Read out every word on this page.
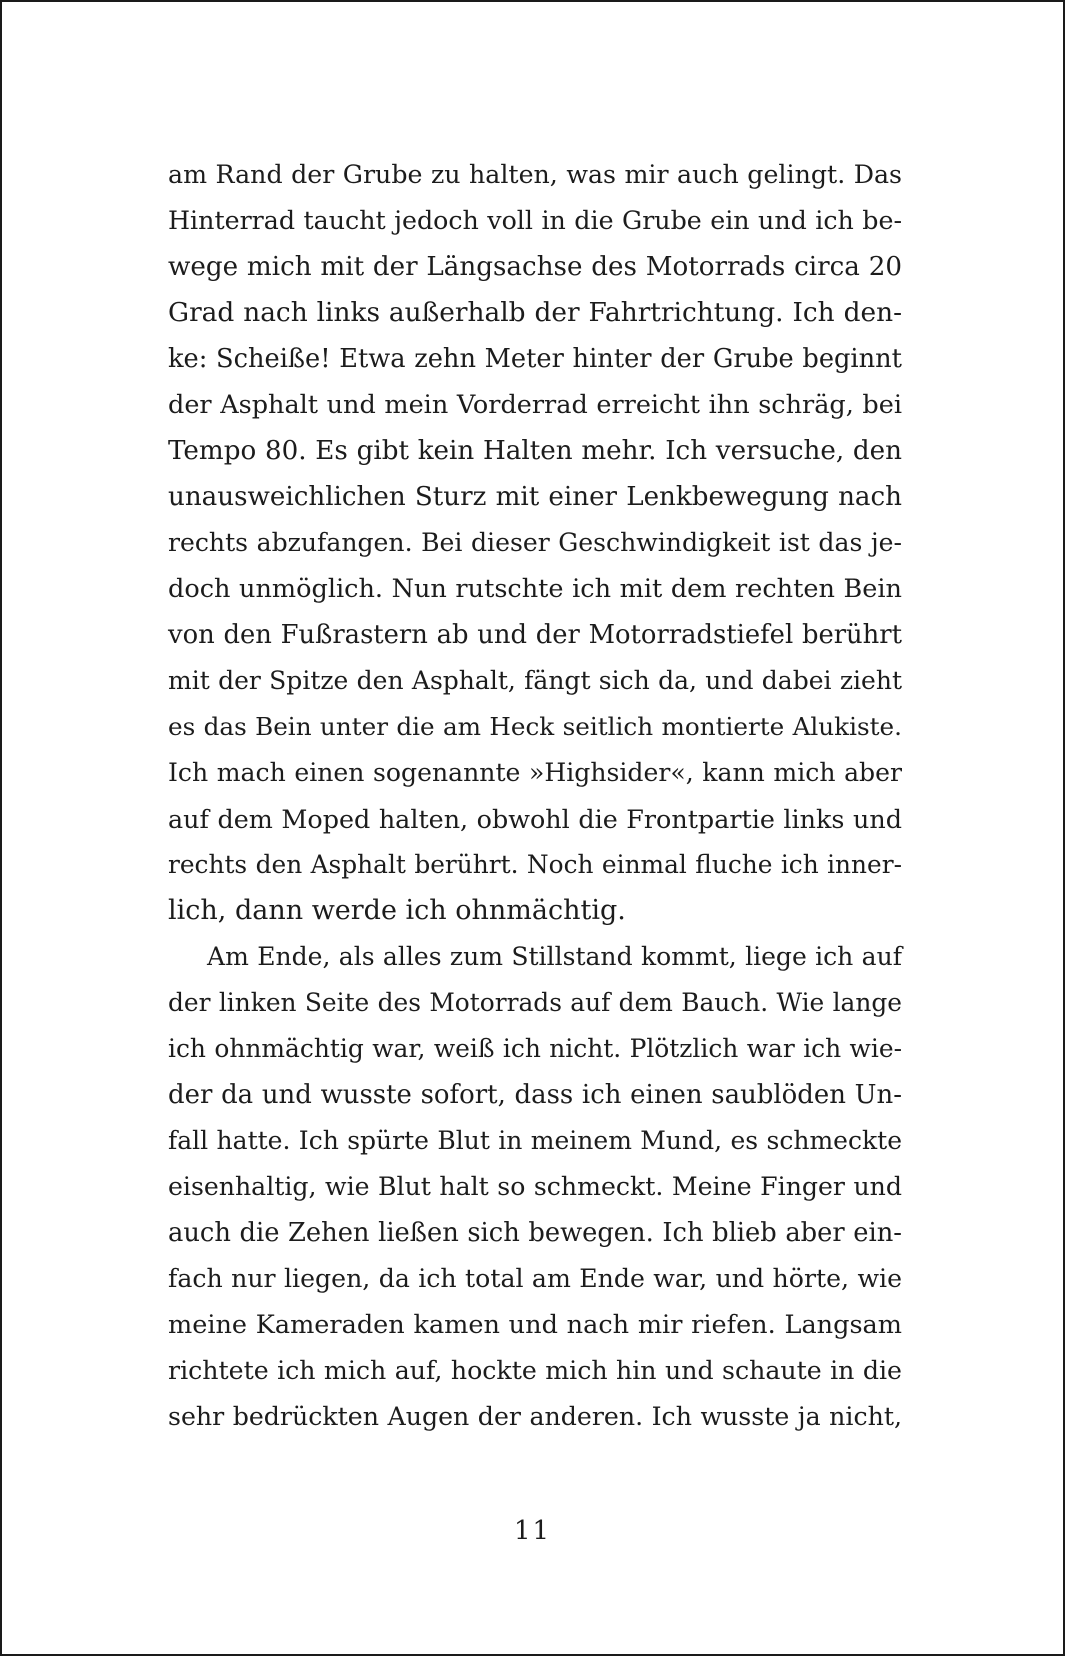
am Rand der Grube zu halten, was mir auch gelingt. Das
Hinterrad taucht jedoch voll in die Grube ein und ich be-
wege mich mit der Längsachse des Motorrads circa 20
Grad nach links außerhalb der Fahrtrichtung. Ich den-
ke: Scheiße! Etwa zehn Meter hinter der Grube beginnt
der Asphalt und mein Vorderrad erreicht ihn schräg, bei
Tempo 80. Es gibt kein Halten mehr. Ich versuche, den
unausweichlichen Sturz mit einer Lenkbewegung nach
rechts abzufangen. Bei dieser Geschwindigkeit ist das je-
doch unmöglich. Nun rutschte ich mit dem rechten Bein
von den Fußrastern ab und der Motorradstiefel berührt
mit der Spitze den Asphalt, fängt sich da, und dabei zieht
es das Bein unter die am Heck seitlich montierte Alukiste.
Ich mach einen sogenannte »Highsider«, kann mich aber
auf dem Moped halten, obwohl die Frontpartie links und
rechts den Asphalt berührt. Noch einmal fluche ich inner-
lich, dann werde ich ohnmächtig.
Am Ende, als alles zum Stillstand kommt, liege ich auf
der linken Seite des Motorrads auf dem Bauch. Wie lange
ich ohnmächtig war, weiß ich nicht. Plötzlich war ich wie-
der da und wusste sofort, dass ich einen saublöden Un-
fall hatte. Ich spürte Blut in meinem Mund, es schmeckte
eisenhaltig, wie Blut halt so schmeckt. Meine Finger und
auch die Zehen ließen sich bewegen. Ich blieb aber ein-
fach nur liegen, da ich total am Ende war, und hörte, wie
meine Kameraden kamen und nach mir riefen. Langsam
richtete ich mich auf, hockte mich hin und schaute in die
sehr bedrückten Augen der anderen. Ich wusste ja nicht,
11
